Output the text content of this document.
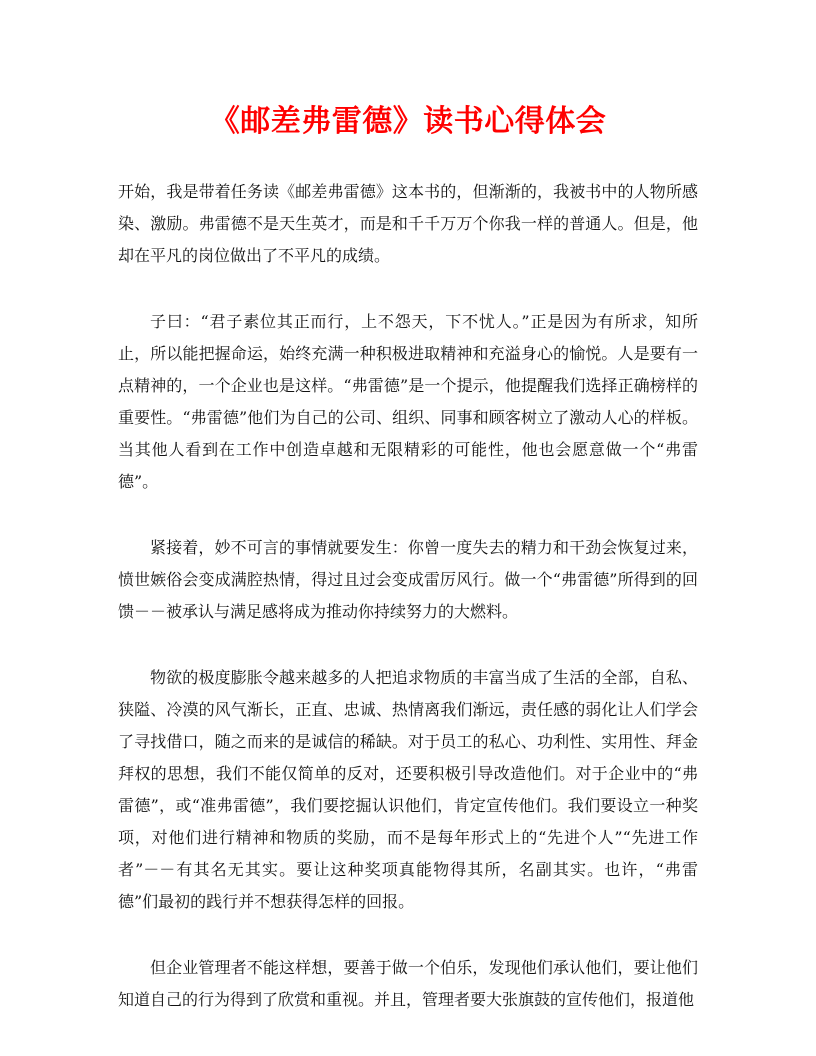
《邮差弗雷德》读书心得体会

开始，我是带着任务读《邮差弗雷德》这本书的，但渐渐的，我被书中的人物所感染、激励。弗雷德不是天生英才，而是和千千万万个你我一样的普通人。但是，他却在平凡的岗位做出了不平凡的成绩。

子曰：“君子素位其正而行，上不怨天，下不忧人。”正是因为有所求，知所止，所以能把握命运，始终充满一种积极进取精神和充溢身心的愉悦。人是要有一点精神的，一个企业也是这样。“弗雷德”是一个提示，他提醒我们选择正确榜样的重要性。“弗雷德”他们为自己的公司、组织、同事和顾客树立了激动人心的样板。当其他人看到在工作中创造卓越和无限精彩的可能性，他也会愿意做一个“弗雷德”。

紧接着，妙不可言的事情就要发生：你曾一度失去的精力和干劲会恢复过来，愤世嫉俗会变成满腔热情，得过且过会变成雷厉风行。做一个“弗雷德”所得到的回馈－－被承认与满足感将成为推动你持续努力的大燃料。

物欲的极度膨胀令越来越多的人把追求物质的丰富当成了生活的全部，自私、狭隘、冷漠的风气渐长，正直、忠诚、热情离我们渐远，责任感的弱化让人们学会了寻找借口，随之而来的是诚信的稀缺。对于员工的私心、功利性、实用性、拜金拜权的思想，我们不能仅简单的反对，还要积极引导改造他们。对于企业中的“弗雷德”，或“准弗雷德”，我们要挖掘认识他们，肯定宣传他们。我们要设立一种奖项，对他们进行精神和物质的奖励，而不是每年形式上的“先进个人”“先进工作者”－－有其名无其实。要让这种奖项真能物得其所，名副其实。也许，“弗雷德”们最初的践行并不想获得怎样的回报。

但企业管理者不能这样想，要善于做一个伯乐，发现他们承认他们，要让他们知道自己的行为得到了欣赏和重视。并且，管理者要大张旗鼓的宣传他们，报道他
